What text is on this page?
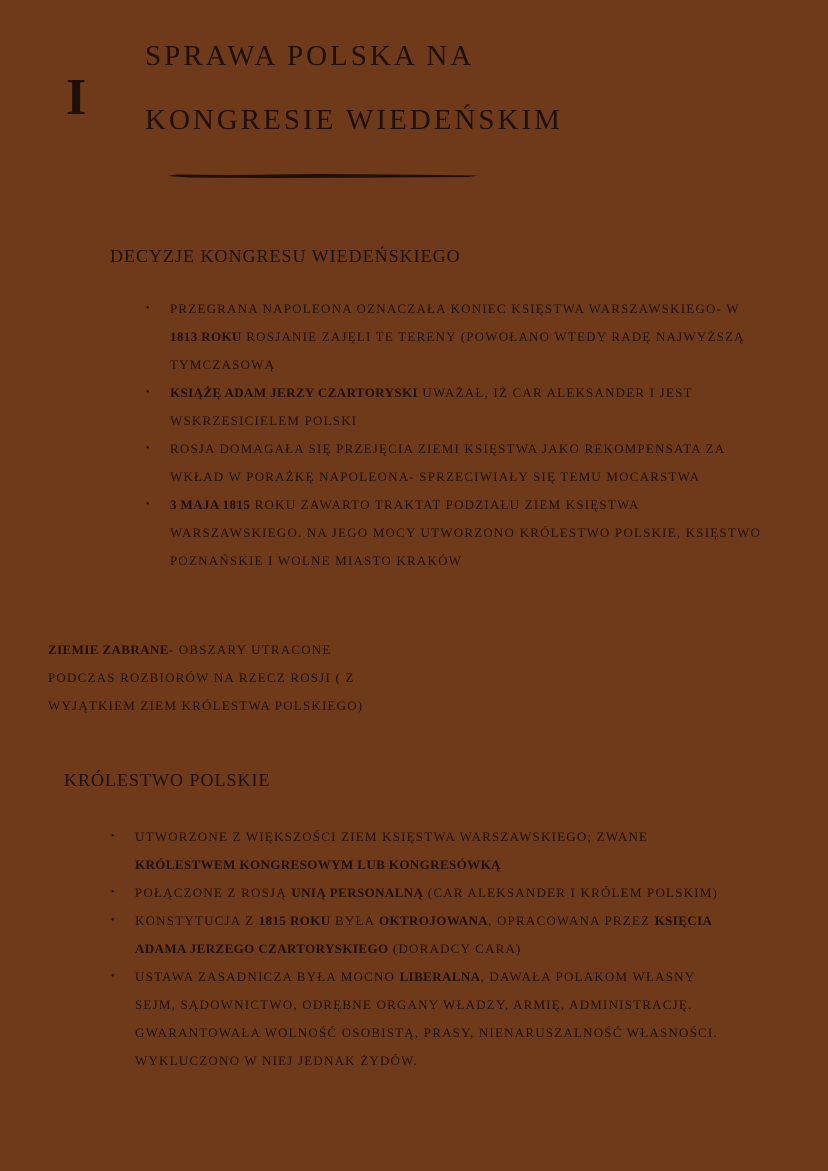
I
SPRAWA POLSKA NA
KONGRESIE WIEDEŃSKIM
DECYZJE KONGRESU WIEDEŃSKIEGO
• PRZEGRANA NAPOLEONA OZNACZAŁA KONIEC KSIĘSTWA WARSZAWSKIEGO- W 1813 ROKU ROSJANIE ZAJĘLI TE TERENY (POWOŁANO WTEDY RADĘ NAJWYŻSZĄ TYMCZASOWĄ
• KSIĄŻĘ ADAM JERZY CZARTORYSKI UWAŻAŁ, IŻ CAR ALEKSANDER I JEST WSKRZESICIELEM POLSKI
• ROSJA DOMAGAŁA SIĘ PRZEJĘCIA ZIEMI KSIĘSTWA JAKO REKOMPENSATA ZA WKŁAD W PORAŻKĘ NAPOLEONA- SPRZECIWIAŁY SIĘ TEMU MOCARSTWA
• 3 MAJA 1815 ROKU ZAWARTO TRAKTAT PODZIAŁU ZIEM KSIĘSTWA WARSZAWSKIEGO. NA JEGO MOCY UTWORZONO KRÓLESTWO POLSKIE, KSIĘSTWO POZNAŃSKIE I WOLNE MIASTO KRAKÓW
ZIEMIE ZABRANE- OBSZARY UTRACONE PODCZAS ROZBIORÓW NA RZECZ ROSJI ( Z WYJĄTKIEM ZIEM KRÓLESTWA POLSKIEGO)
KRÓLESTWO POLSKIE
• UTWORZONE Z WIĘKSZOŚCI ZIEM KSIĘSTWA WARSZAWSKIEGO; ZWANE KRÓLESTWEM KONGRESOWYM LUB KONGRESÓWKĄ
• POŁĄCZONE Z ROSJĄ UNIĄ PERSONALNĄ (CAR ALEKSANDER I KRÓLEM POLSKIM)
• KONSTYTUCJA Z 1815 ROKU BYŁA OKTROJOWANA, OPRACOWANA PRZEZ KSIĘCIA ADAMA JERZEGO CZARTORYSKIEGO (DORADCY CARA)
• USTAWA ZASADNICZA BYŁA MOCNO LIBERALNA, DAWAŁA POLAKOM WŁASNY SEJM, SĄDOWNICTWO, ODRĘBNE ORGANY WŁADZY, ARMIĘ, ADMINISTRACJĘ. GWARANTOWAŁA WOLNOŚĆ OSOBISTĄ, PRASY, NIENARUSZALNOŚĆ WŁASNOŚCI. WYKLUCZONO W NIEJ JEDNAK ŻYDÓW.
